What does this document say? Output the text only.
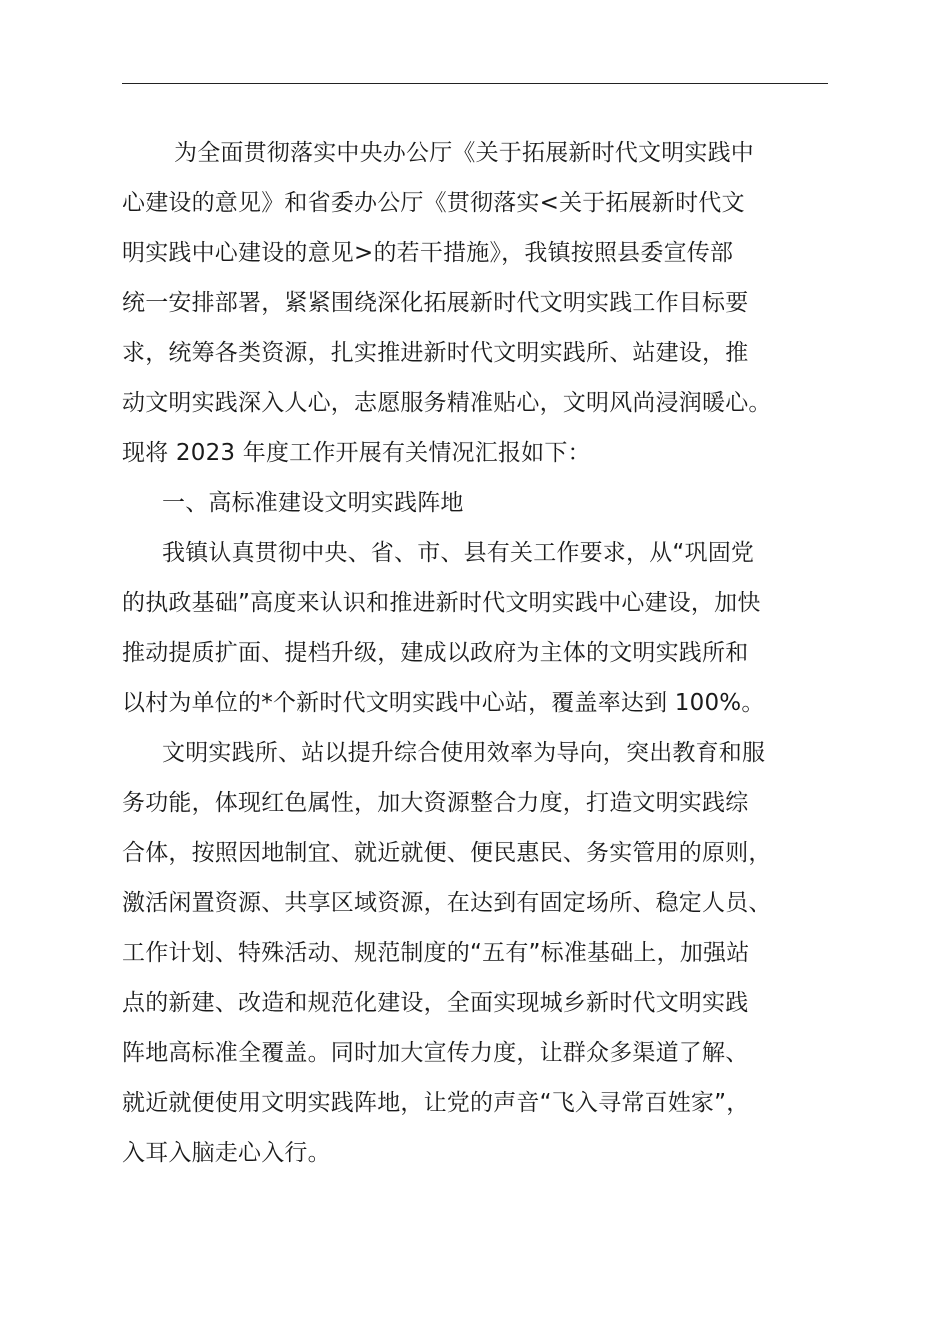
为全面贯彻落实中央办公厅《关于拓展新时代文明实践中
心建设的意见》和省委办公厅《贯彻落实<关于拓展新时代文
明实践中心建设的意见>的若干措施》，我镇按照县委宣传部
统一安排部署，紧紧围绕深化拓展新时代文明实践工作目标要
求，统筹各类资源，扎实推进新时代文明实践所、站建设，推
动文明实践深入人心，志愿服务精准贴心，文明风尚浸润暖心。
现将 2023 年度工作开展有关情况汇报如下：
一、高标准建设文明实践阵地
我镇认真贯彻中央、省、市、县有关工作要求，从“巩固党
的执政基础”高度来认识和推进新时代文明实践中心建设，加快
推动提质扩面、提档升级，建成以政府为主体的文明实践所和
以村为单位的*个新时代文明实践中心站，覆盖率达到 100%。
文明实践所、站以提升综合使用效率为导向，突出教育和服
务功能，体现红色属性，加大资源整合力度，打造文明实践综
合体，按照因地制宜、就近就便、便民惠民、务实管用的原则，
激活闲置资源、共享区域资源，在达到有固定场所、稳定人员、
工作计划、特殊活动、规范制度的“五有”标准基础上，加强站
点的新建、改造和规范化建设，全面实现城乡新时代文明实践
阵地高标准全覆盖。同时加大宣传力度，让群众多渠道了解、
就近就便使用文明实践阵地，让党的声音“飞入寻常百姓家”，
入耳入脑走心入行。
